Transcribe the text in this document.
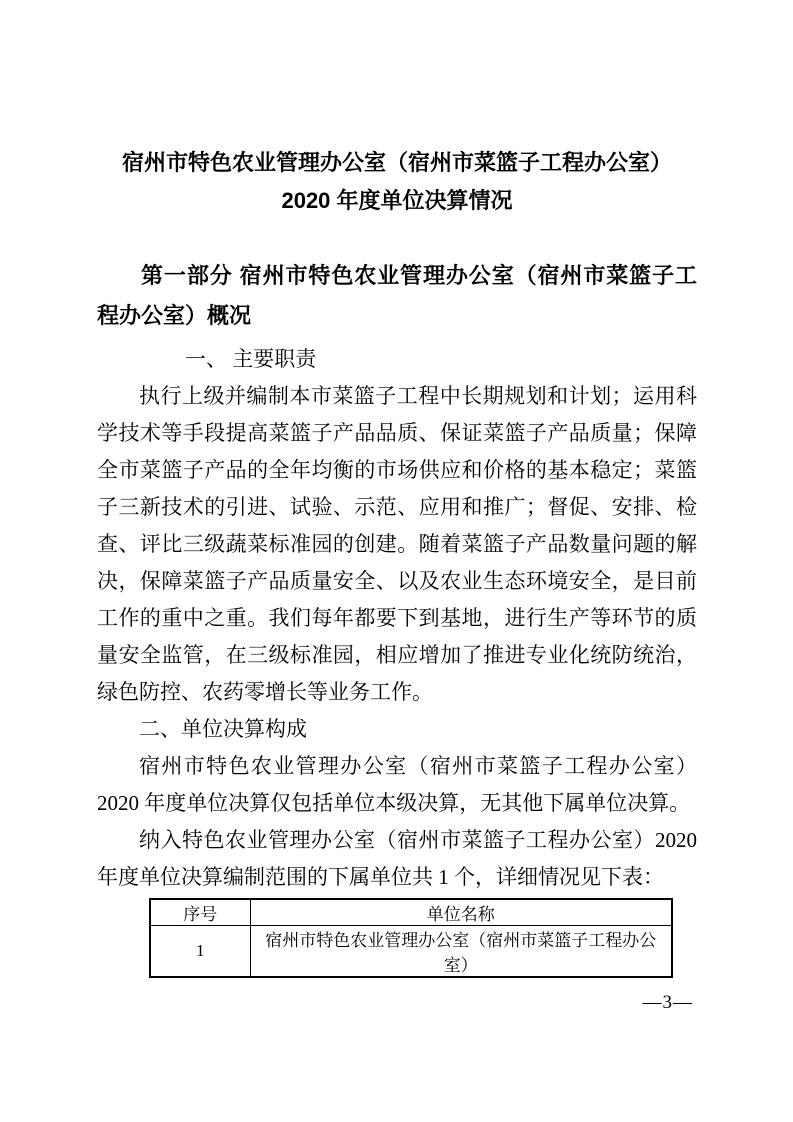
宿州市特色农业管理办公室（宿州市菜篮子工程办公室）
2020 年度单位决算情况
第一部分 宿州市特色农业管理办公室（宿州市菜篮子工程办公室）概况
一、 主要职责
执行上级并编制本市菜篮子工程中长期规划和计划；运用科学技术等手段提高菜篮子产品品质、保证菜篮子产品质量；保障全市菜篮子产品的全年均衡的市场供应和价格的基本稳定；菜篮子三新技术的引进、试验、示范、应用和推广；督促、安排、检查、评比三级蔬菜标准园的创建。随着菜篮子产品数量问题的解决，保障菜篮子产品质量安全、以及农业生态环境安全，是目前工作的重中之重。我们每年都要下到基地，进行生产等环节的质量安全监管，在三级标准园，相应增加了推进专业化统防统治，绿色防控、农药零增长等业务工作。
二、单位决算构成
宿州市特色农业管理办公室（宿州市菜篮子工程办公室）2020 年度单位决算仅包括单位本级决算，无其他下属单位决算。
纳入特色农业管理办公室（宿州市菜篮子工程办公室）2020 年度单位决算编制范围的下属单位共 1 个，详细情况见下表：
序号	单位名称
1	宿州市特色农业管理办公室（宿州市菜篮子工程办公室）
—3—
